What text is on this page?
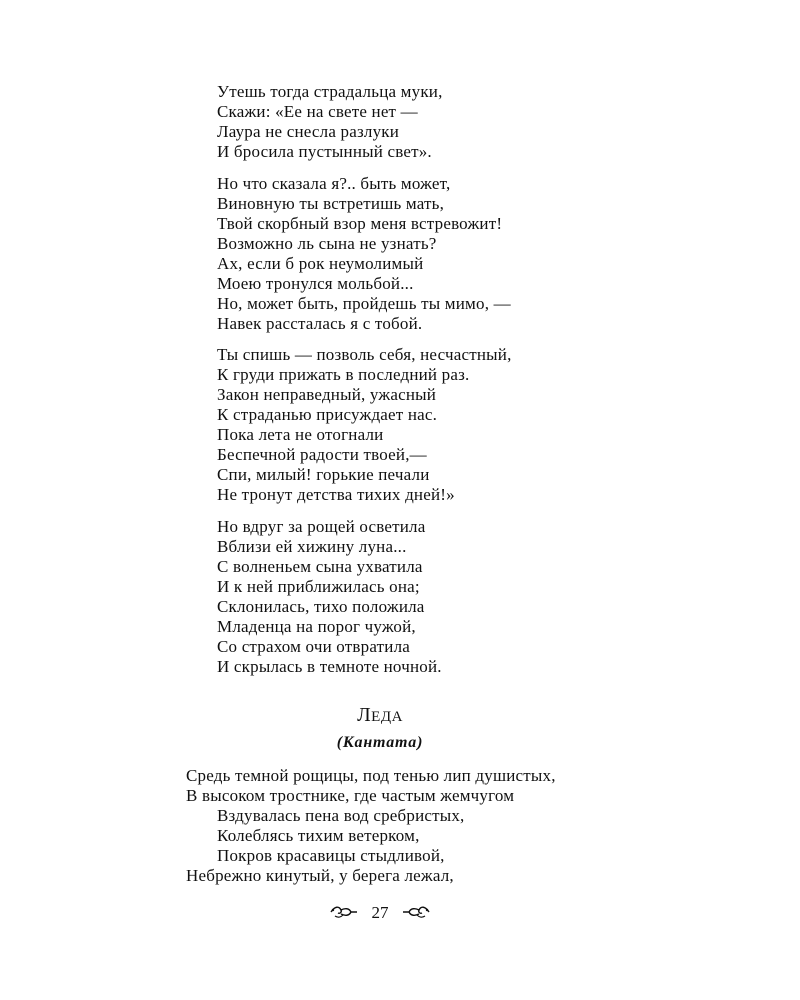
Утешь тогда страдальца муки,
Скажи: «Ее на свете нет —
Лаура не снесла разлуки
И бросила пустынный свет».
Но что сказала я?.. быть может,
Виновную ты встретишь мать,
Твой скорбный взор меня встревожит!
Возможно ль сына не узнать?
Ах, если б рок неумолимый
Моею тронулся мольбой...
Но, может быть, пройдешь ты мимо, —
Навек рассталась я с тобой.
Ты спишь — позволь себя, несчастный,
К груди прижать в последний раз.
Закон неправедный, ужасный
К страданью присуждает нас.
Пока лета не отогнали
Беспечной радости твоей,—
Спи, милый! горькие печали
Не тронут детства тихих дней!»
Но вдруг за рощей осветила
Вблизи ей хижину луна...
С волненьем сына ухватила
И к ней приближилась она;
Склонилась, тихо положила
Младенца на порог чужой,
Со страхом очи отвратила
И скрылась в темноте ночной.
ЛЕДА
(Кантата)
Средь темной рощицы, под тенью лип душистых,
В высоком тростнике, где частым жемчугом
Вздувалась пена вод сребристых,
Колеблясь тихим ветерком,
Покров красавицы стыдливой,
Небрежно кинутый, у берега лежал,
27
